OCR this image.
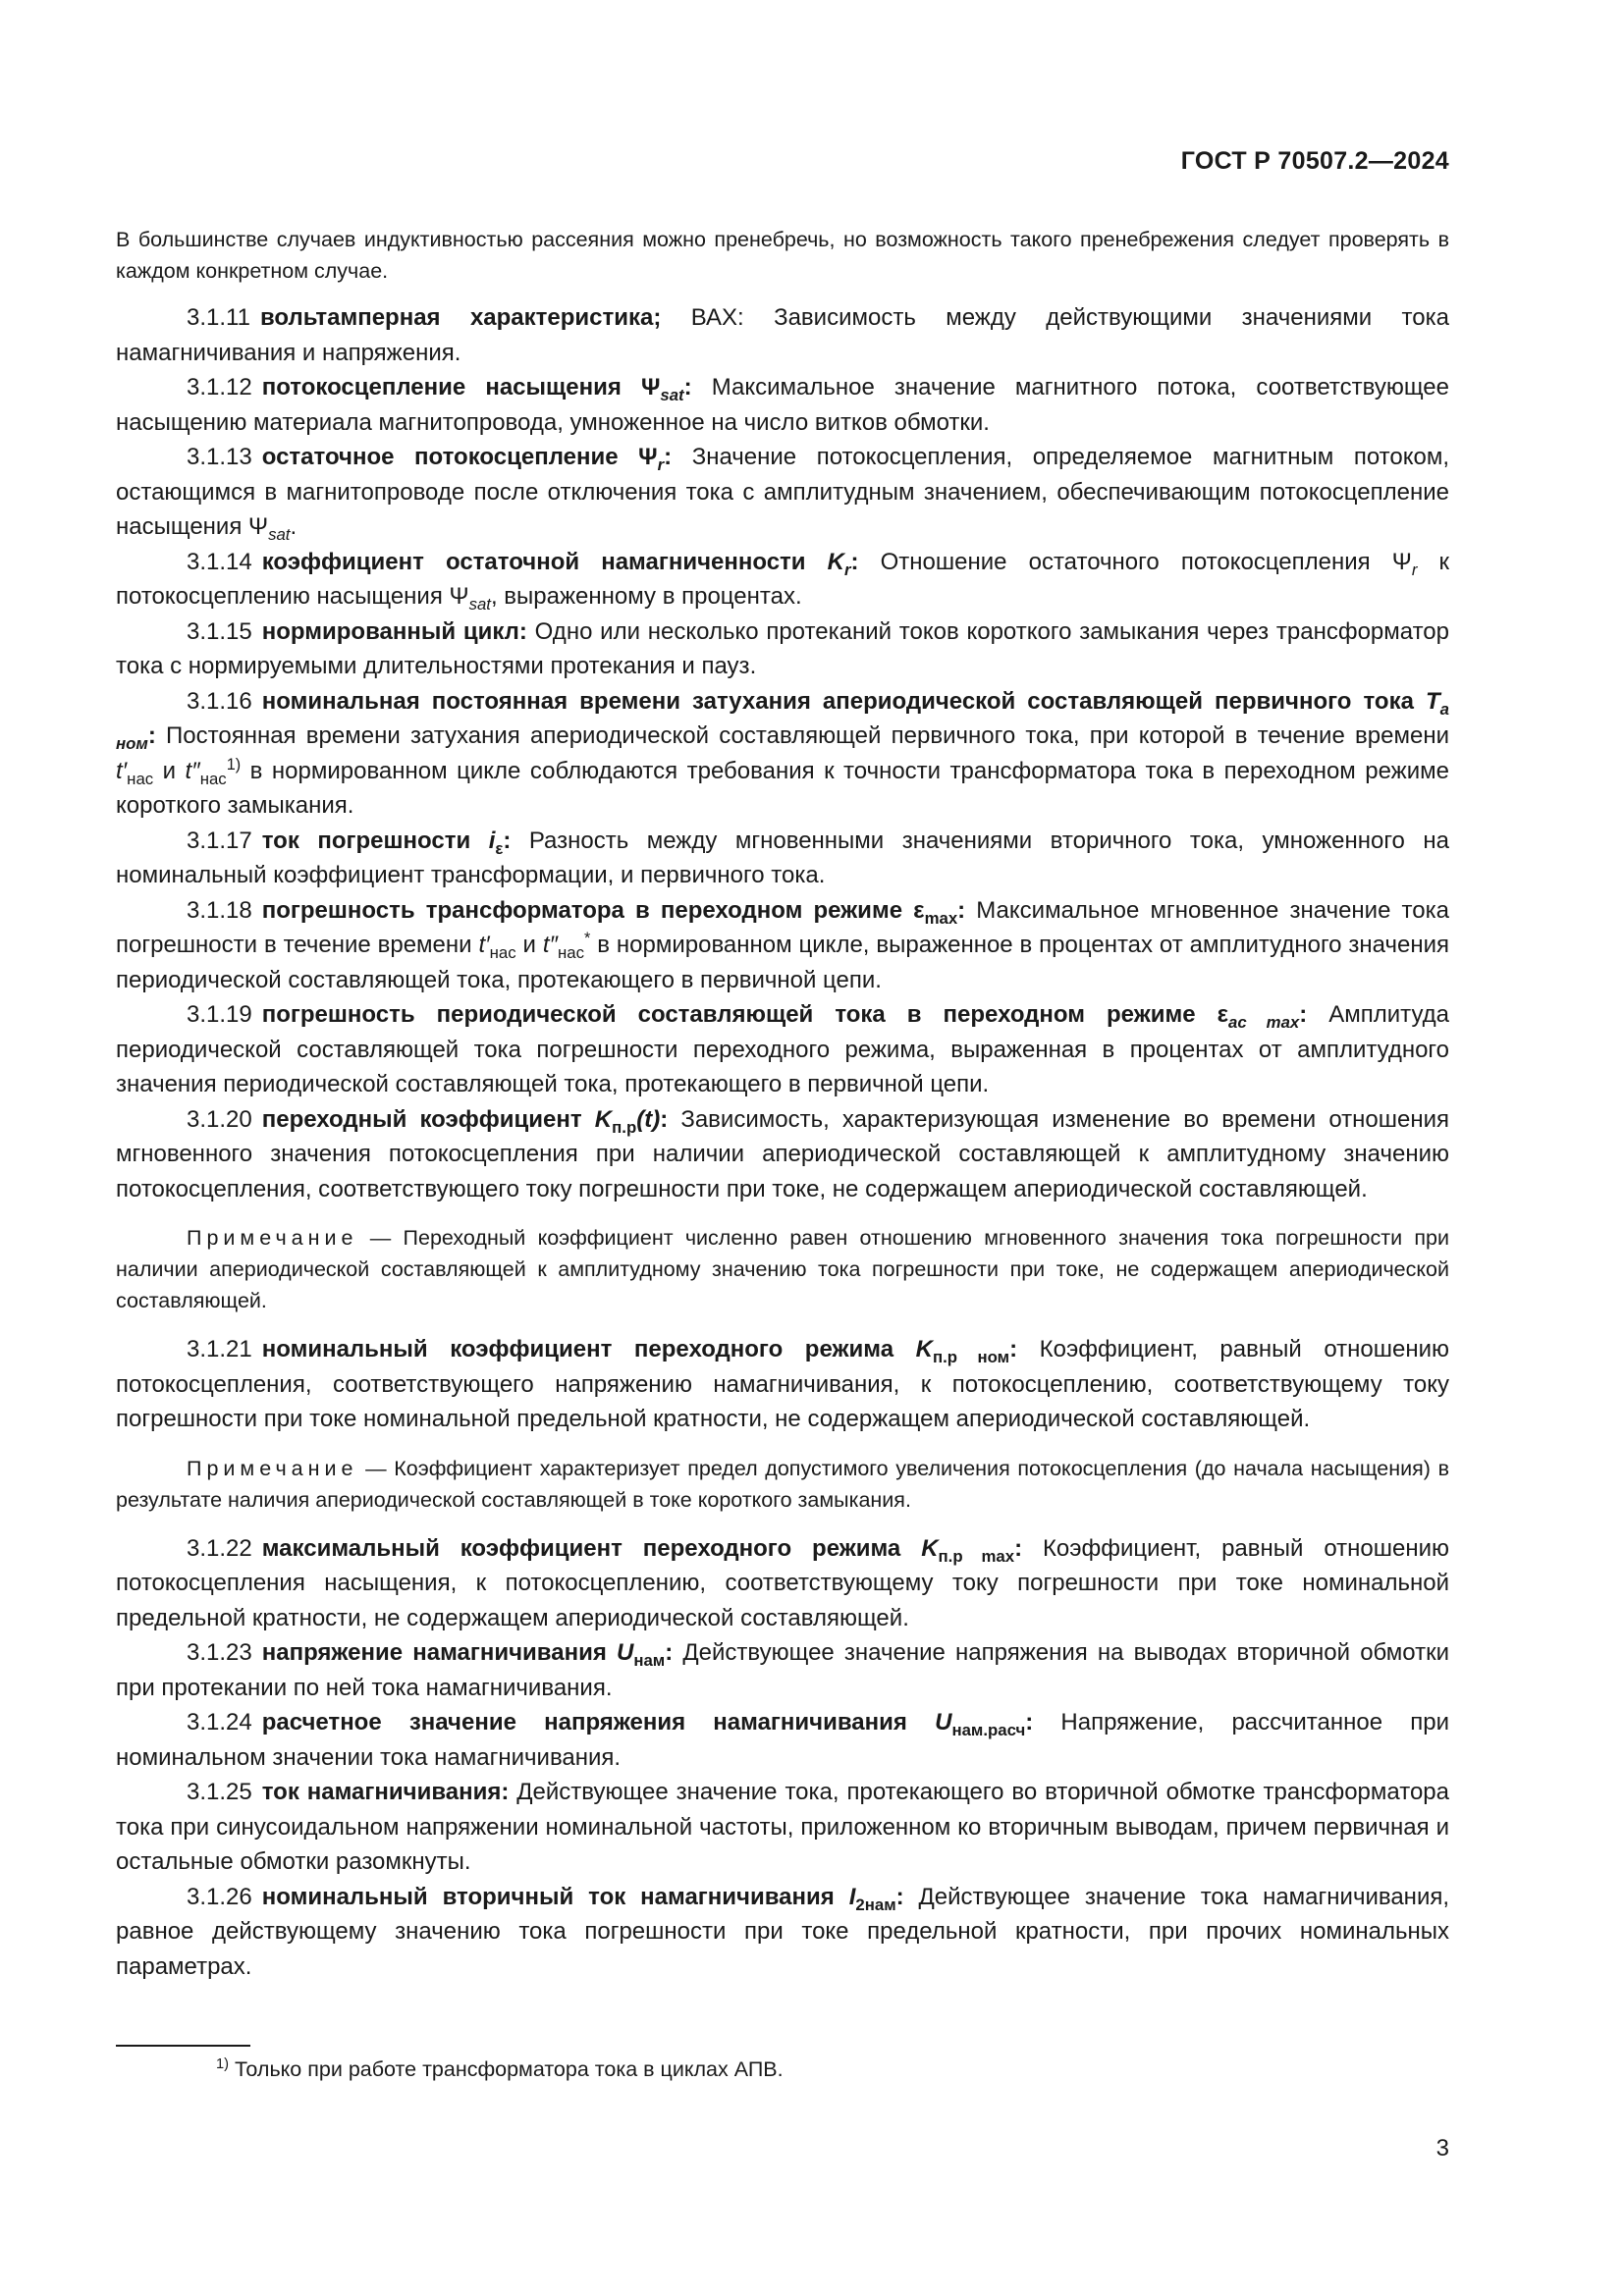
ГОСТ Р 70507.2—2024

В большинстве случаев индуктивностью рассеяния можно пренебречь, но возможность такого пренебрежения следует проверять в каждом конкретном случае.

3.1.11 вольтамперная характеристика; ВАХ: Зависимость между действующими значениями тока намагничивания и напряжения.

3.1.12 потокосцепление насыщения $\Psi_{sat}$: Максимальное значение магнитного потока, соответствующее насыщению материала магнитопровода, умноженное на число витков обмотки.

3.1.13 остаточное потокосцепление $\Psi_r$: Значение потокосцепления, определяемое магнитным потоком, остающимся в магнитопроводе после отключения тока с амплитудным значением, обеспечивающим потокосцепление насыщения $\Psi_{sat}$.

3.1.14 коэффициент остаточной намагниченности $K_r$: Отношение остаточного потокосцепления $\Psi_r$ к потокосцеплению насыщения $\Psi_{sat}$, выраженному в процентах.

3.1.15 нормированный цикл: Одно или несколько протеканий токов короткого замыкания через трансформатор тока с нормируемыми длительностями протекания и пауз.

3.1.16 номинальная постоянная времени затухания апериодической составляющей первичного тока $T_{a ном}$: Постоянная времени затухания апериодической составляющей первичного тока, при которой в течение времени $t'_{нас}$ и $t''_{нас}^{1)}$ в нормированном цикле соблюдаются требования к точности трансформатора тока в переходном режиме короткого замыкания.

3.1.17 ток погрешности $i_\varepsilon$: Разность между мгновенными значениями вторичного тока, умноженного на номинальный коэффициент трансформации, и первичного тока.

3.1.18 погрешность трансформатора в переходном режиме $\varepsilon_{max}$: Максимальное мгновенное значение тока погрешности в течение времени $t'_{нас}$ и $t''_{нас}^*$ в нормированном цикле, выраженное в процентах от амплитудного значения периодической составляющей тока, протекающего в первичной цепи.

3.1.19 погрешность периодической составляющей тока в переходном режиме $\varepsilon_{ac max}$: Амплитуда периодической составляющей тока погрешности переходного режима, выраженная в процентах от амплитудного значения периодической составляющей тока, протекающего в первичной цепи.

3.1.20 переходный коэффициент $K_{п.р}(t)$: Зависимость, характеризующая изменение во времени отношения мгновенного значения потокосцепления при наличии апериодической составляющей к амплитудному значению потокосцепления, соответствующего току погрешности при токе, не содержащем апериодической составляющей.

Примечание — Переходный коэффициент численно равен отношению мгновенного значения тока погрешности при наличии апериодической составляющей к амплитудному значению тока погрешности при токе, не содержащем апериодической составляющей.

3.1.21 номинальный коэффициент переходного режима $K_{п.р ном}$: Коэффициент, равный отношению потокосцепления, соответствующего напряжению намагничивания, к потокосцеплению, соответствующему току погрешности при токе номинальной предельной кратности, не содержащем апериодической составляющей.

Примечание — Коэффициент характеризует предел допустимого увеличения потокосцепления (до начала насыщения) в результате наличия апериодической составляющей в токе короткого замыкания.

3.1.22 максимальный коэффициент переходного режима $K_{п.р max}$: Коэффициент, равный отношению потокосцепления насыщения, к потокосцеплению, соответствующему току погрешности при токе номинальной предельной кратности, не содержащем апериодической составляющей.

3.1.23 напряжение намагничивания $U_{нам}$: Действующее значение напряжения на выводах вторичной обмотки при протекании по ней тока намагничивания.

3.1.24 расчетное значение напряжения намагничивания $U_{нам.расч}$: Напряжение, рассчитанное при номинальном значении тока намагничивания.

3.1.25 ток намагничивания: Действующее значение тока, протекающего во вторичной обмотке трансформатора тока при синусоидальном напряжении номинальной частоты, приложенном ко вторичным выводам, причем первичная и остальные обмотки разомкнуты.

3.1.26 номинальный вторичный ток намагничивания $I_{2нам}$: Действующее значение тока намагничивания, равное действующему значению тока погрешности при токе предельной кратности, при прочих номинальных параметрах.

$^{1)}$ Только при работе трансформатора тока в циклах АПВ.
3
